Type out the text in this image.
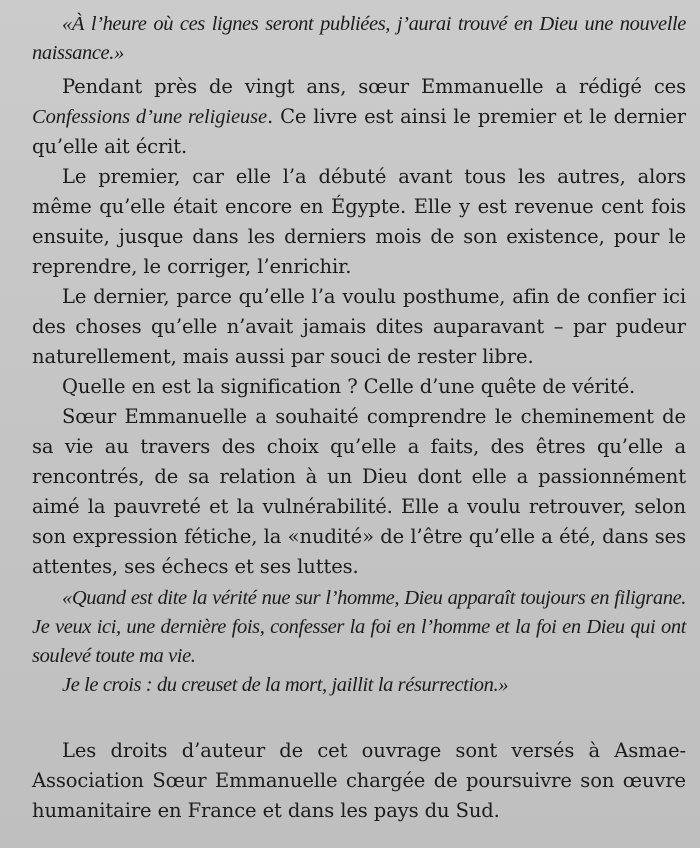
«À l’heure où ces lignes seront publiées, j’aurai trouvé en Dieu une nouvelle naissance.»

Pendant près de vingt ans, sœur Emmanuelle a rédigé ces Confessions d’une religieuse. Ce livre est ainsi le premier et le dernier qu’elle ait écrit.

Le premier, car elle l’a débuté avant tous les autres, alors même qu’elle était encore en Égypte. Elle y est revenue cent fois ensuite, jusque dans les derniers mois de son existence, pour le reprendre, le corriger, l’enrichir.

Le dernier, parce qu’elle l’a voulu posthume, afin de confier ici des choses qu’elle n’avait jamais dites auparavant – par pudeur naturellement, mais aussi par souci de rester libre.

Quelle en est la signification ? Celle d’une quête de vérité.

Sœur Emmanuelle a souhaité comprendre le cheminement de sa vie au travers des choix qu’elle a faits, des êtres qu’elle a rencontrés, de sa relation à un Dieu dont elle a passionnément aimé la pauvreté et la vulnérabilité. Elle a voulu retrouver, selon son expression fétiche, la «nudité» de l’être qu’elle a été, dans ses attentes, ses échecs et ses luttes.

«Quand est dite la vérité nue sur l’homme, Dieu apparaît toujours en filigrane. Je veux ici, une dernière fois, confesser la foi en l’homme et la foi en Dieu qui ont soulevé toute ma vie.

Je le crois : du creuset de la mort, jaillit la résurrection.»

Les droits d’auteur de cet ouvrage sont versés à Asmae-Association Sœur Emmanuelle chargée de poursuivre son œuvre humanitaire en France et dans les pays du Sud.
